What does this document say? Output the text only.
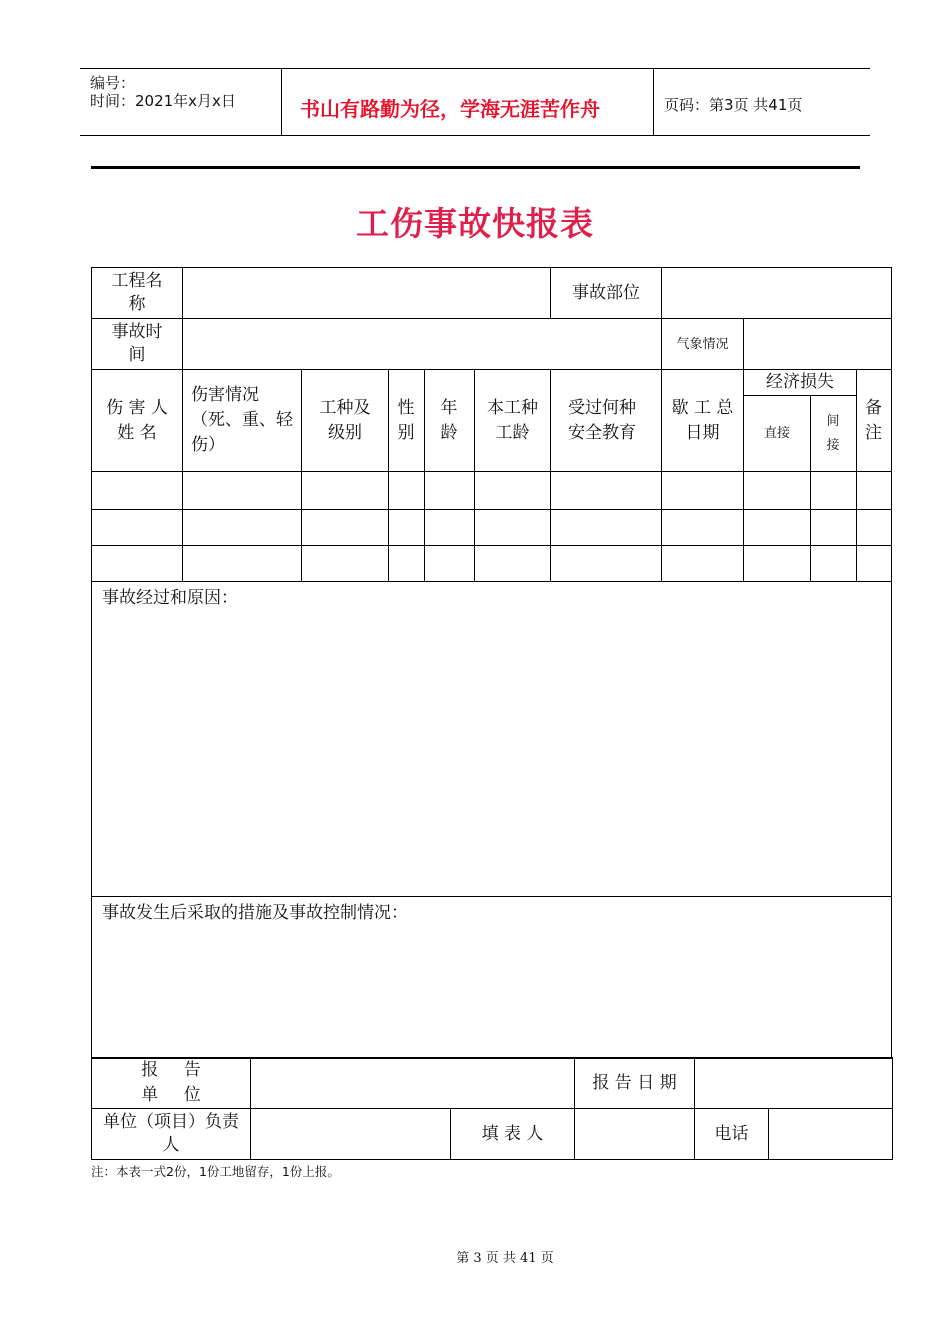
编号：
时间：2021年x月x日	书山有路勤为径，学海无涯苦作舟	页码：第3页 共41页
工伤事故快报表
工程名称						事故部位				

事故时间							气象情况			

伤 害 人 姓 名	伤害情况（死、重、轻伤）	工种及级别	性别	年龄	本工种工龄	受过何种安全教育	歇 工 总日期	经济损失		备注

								直接	间接	

事故经过和原因：										

事故发生后采取的措施及事故控制情况：										
报 告 单 位			报 告 日 期		

单位（项目）负责人		填 表 人		电话	
注：本表一式2份，1份工地留存，1份上报。
第 3 页 共 41 页
